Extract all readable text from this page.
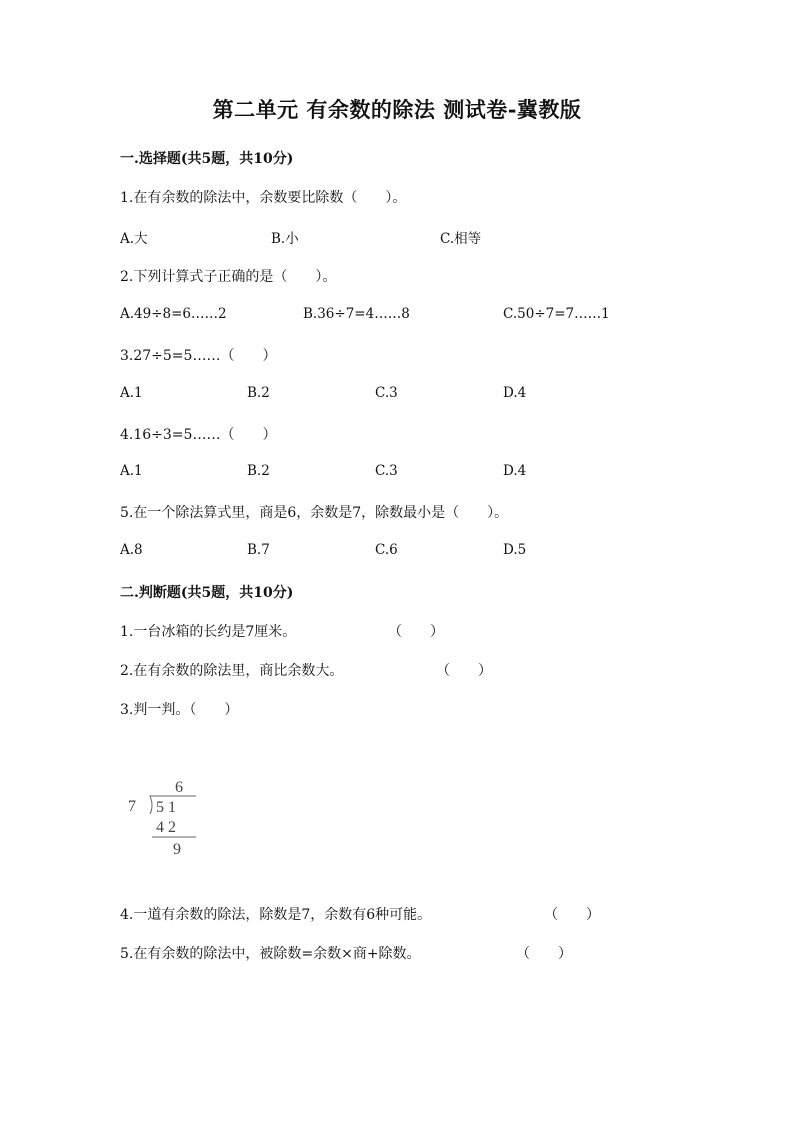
第二单元 有余数的除法 测试卷-冀教版
一.选择题(共5题，共10分)
1.在有余数的除法中，余数要比除数（　　）。
A.大	B.小	C.相等
2.下列计算式子正确的是（　　）。
A.49÷8=6……2	B.36÷7=4……8	C.50÷7=7……1
3.27÷5=5……（　　）
A.1	B.2	C.3	D.4
4.16÷3=5……（　　）
A.1	B.2	C.3	D.4
5.在一个除法算式里，商是6，余数是7，除数最小是（　　）。
A.8	B.7	C.6	D.5
二.判断题(共5题，共10分)
1.一台冰箱的长约是7厘米。	（　　）
2.在有余数的除法里，商比余数大。	（　　）
3.判一判。（　　）
6
7 5 1
4 2
9
4.一道有余数的除法，除数是7，余数有6种可能。	（　　）
5.在有余数的除法中，被除数=余数×商+除数。	（　　）
